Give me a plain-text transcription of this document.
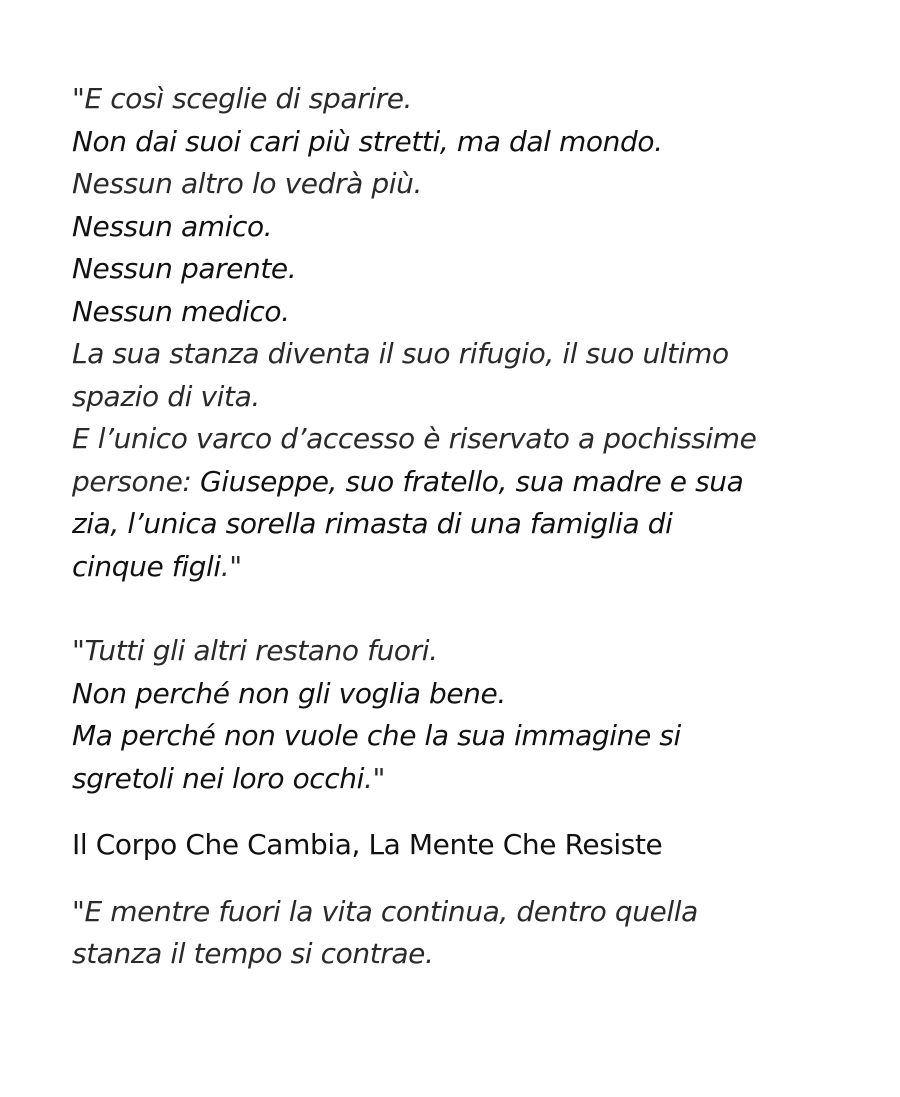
"E così sceglie di sparire.
Non dai suoi cari più stretti, ma dal mondo.
Nessun altro lo vedrà più.
Nessun amico.
Nessun parente.
Nessun medico.
La sua stanza diventa il suo rifugio, il suo ultimo
spazio di vita.
E l’unico varco d’accesso è riservato a pochissime
persone: Giuseppe, suo fratello, sua madre e sua
zia, l’unica sorella rimasta di una famiglia di
cinque figli."
"Tutti gli altri restano fuori.
Non perché non gli voglia bene.
Ma perché non vuole che la sua immagine si
sgretoli nei loro occhi."
Il Corpo Che Cambia, La Mente Che Resiste
"E mentre fuori la vita continua, dentro quella
stanza il tempo si contrae.
